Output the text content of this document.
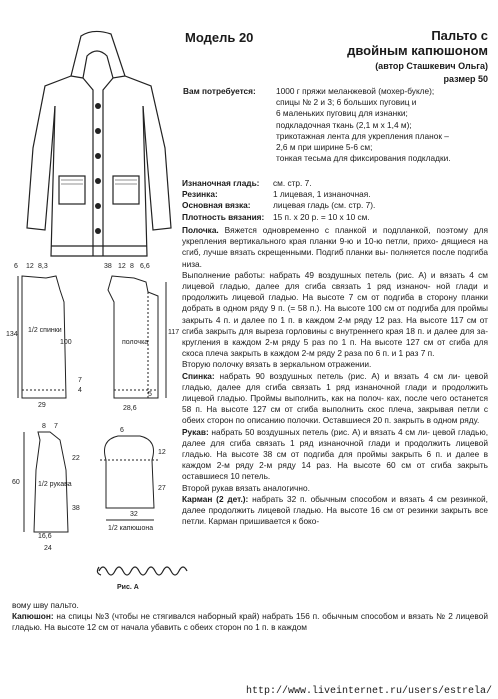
Модель 20	Пальто с
двойным капюшоном
(автор Сташкевич Ольга)
размер 50
Вам потребуется: 1000 г пряжи меланжевой (мохер-букле);
спицы № 2 и 3; 6 больших пуговиц и
6 маленьких пуговиц для изнанки;
подкладочная ткань (2,1 м х 1,4 м);
трикотажная лента для укрепления планок –
2,6 м при ширине 5-6 см;
тонкая тесьма для фиксирования подкладки.
Изнаночная гладь: см. стр. 7.
Резинка:	1 лицевая, 1 изнаночная.
Основная вязка:	лицевая гладь (см. стр. 7).
Плотность вязания: 15 п. х 20 р. = 10 х 10 см.

Полочка. Вяжется одновременно с планкой и подпланкой, поэтому для укрепления вертикального края планки 9-ю и 10-ю петли, прихо- дящиеся на сгиб, лучше вязать скрещенными. Подгиб планки вы- полняется после подгиба низа.

Выполнение работы: набрать 49 воздушных петель (рис. А) и вязать 4 см лицевой гладью, далее для сгиба связать 1 ряд изнаноч- ной глади и продолжить лицевой гладью. На высоте 7 см от подгиба в сторону планки добрать в одном ряду 9 п. (= 58 п.). На высоте 100 см от подгиба для проймы закрыть 4 п. и далее по 1 п. в каждом 2-м ряду 12 раз. На высоте 117 см от сгиба закрыть для выреза горловины с внутреннего края 18 п. и далее для за- кругления в каждом 2-м ряду 5 раз по 1 п. На высоте 127 см от сгиба для скоса плеча закрыть в каждом 2-м ряду 2 раза по 6 п. и 1 раз 7 п.

Вторую полочку вязать в зеркальном отражении.

Спинка: набрать 90 воздушных петель (рис. А) и вязать 4 см ли- цевой гладью, далее для сгиба связать 1 ряд изнаночной глади и продолжить лицевой гладью. Проймы выполнить, как на полоч- ках, после чего останется 58 п. На высоте 127 см от сгиба выполнить скос плеча, закрывая петли с обеих сторон по описанию полочки. Оставшиеся 20 п. закрыть в одном ряду.

Рукав: набрать 50 воздушных петель (рис. А) и вязать 4 см ли- цевой гладью, далее для сгиба связать 1 ряд изнаночной глади и продолжить лицевой гладью. На высоте 38 см от подгиба для проймы закрыть 6 п. и далее в каждом 2-м ряду 2-м ряду 14 раз. На высоте 60 см от сгиба закрыть оставшиеся 10 петель.

Второй рукав вязать аналогично.

Карман (2 дет.): набрать 32 п. обычным способом и вязать 4 см резинкой, далее продолжить лицевой гладью. На высоте 16 см от резинки закрыть все петли. Карман пришивается к боко-

6 12 8,3	38 12 8 6,6
134
100
117
29	28,6
5
7
4
1/2 спинки
полочка
8 7
60
16,6
24
22
38
6
27
12
32
1/2 рукава
1/2 капюшона
Рис. А

вому шву пальто.

Капюшон: на спицы №3 (чтобы не стягивался наборный край) набрать 156 п. обычным способом и вязать № 2 лицевой гладью. На высоте 12 см от начала убавить с обеих сторон по 1 п. в каждом

http://www.liveinternet.ru/users/estrela/
